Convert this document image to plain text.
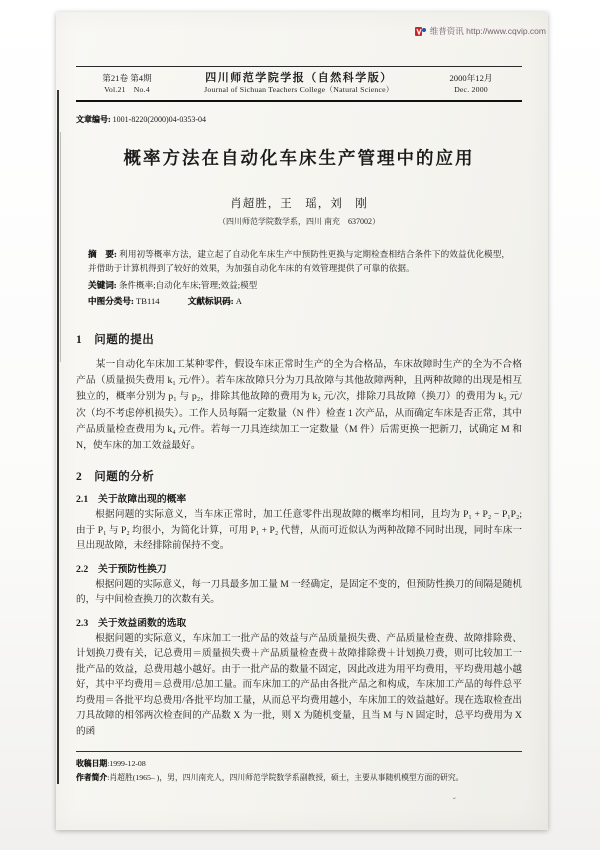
维普资讯 http://www.cqvip.com
第21卷 第4期
Vol.21　No.4
四川师范学院学报（自然科学版）
Journal of Sichuan Teachers College（Natural Science）
2000年12月
Dec. 2000
文章编号: 1001-8220(2000)04-0353-04
概率方法在自动化车床生产管理中的应用
肖超胜，王　瑶，刘　刚
（四川师范学院数学系，四川 南充　637002）
摘　要: 利用初等概率方法，建立起了自动化车床生产中预防性更换与定期检查相结合条件下的效益优化模型，并借助于计算机得到了较好的效果，为加强自动化车床的有效管理提供了可靠的依据。
关键词: 条件概率;自动化车床;管理;效益;模型
中图分类号: TB114	文献标识码: A
1　问题的提出
某一自动化车床加工某种零件，假设车床正常时生产的全为合格品，车床故障时生产的全为不合格产品（质量损失费用 k₁ 元/件）。若车床故障只分为刀具故障与其他故障两种，且两种故障的出现是相互独立的，概率分别为 p₁ 与 p₂，排除其他故障的费用为 k₂ 元/次，排除刀具故障（换刀）的费用为 k₃ 元/次（均不考虑停机损失）。工作人员每隔一定数量（N 件）检查 1 次产品，从而确定车床是否正常，其中产品质量检查费用为 k₄ 元/件。若每一刀具连续加工一定数量（M 件）后需更换一把新刀，试确定 M 和 N，使车床的加工效益最好。
2　问题的分析
2.1　关于故障出现的概率
根据问题的实际意义，当车床正常时，加工任意零件出现故障的概率均相同，且均为 P₁ + P₂ − P₁P₂; 由于 P₁ 与 P₂ 均很小，为简化计算，可用 P₁ + P₂ 代替，从而可近似认为两种故障不同时出现，同时车床一旦出现故障，未经排除前保持不变。
2.2　关于预防性换刀
根据问题的实际意义，每一刀具最多加工量 M 一经确定，是固定不变的，但预防性换刀的间隔是随机的，与中间检查换刀的次数有关。
2.3　关于效益函数的选取
根据问题的实际意义，车床加工一批产品的效益与产品质量损失费、产品质量检查费、故障排除费、计划换刀费有关，记总费用＝质量损失费＋产品质量检查费＋故障排除费＋计划换刀费，则可比较加工一批产品的效益，总费用越小越好。由于一批产品的数量不固定，因此改进为用平均费用，平均费用越小越好，其中平均费用＝总费用/总加工量。而车床加工的产品由各批产品之和构成，车床加工产品的每件总平均费用＝各批平均总费用/各批平均加工量，从而总平均费用越小，车床加工的效益越好。现在选取检查出刀具故障的相邻两次检查间的产品数 X 为一批，则 X 为随机变量，且当 M 与 N 固定时，总平均费用为 X 的函
收稿日期:1999-12-08
作者简介:肖超胜(1965– )，男，四川南充人，四川师范学院数学系副教授，硕士，主要从事随机模型方面的研究。
ˇ
